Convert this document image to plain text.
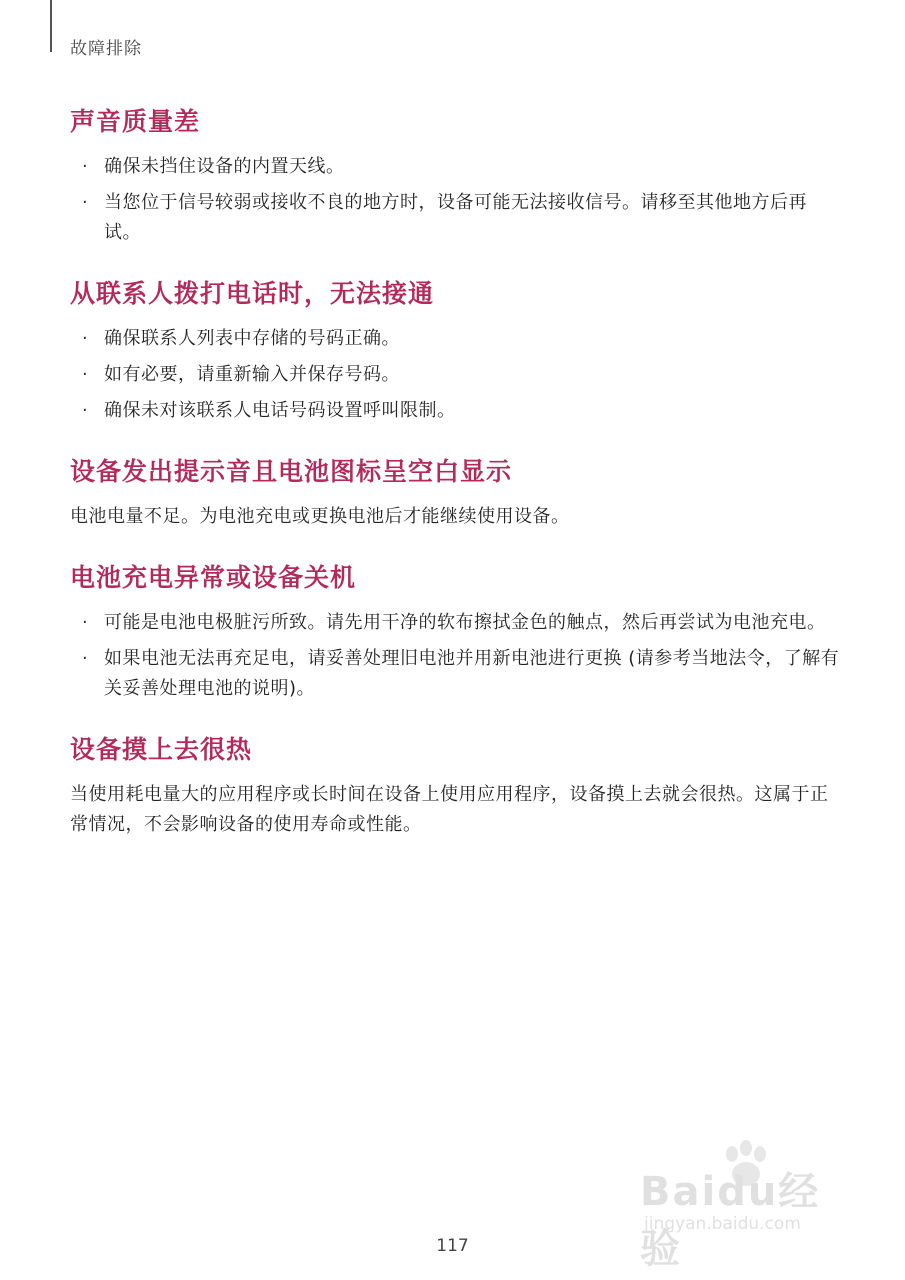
故障排除
声音质量差
· 确保未挡住设备的内置天线。
· 当您位于信号较弱或接收不良的地方时，设备可能无法接收信号。请移至其他地方后再试。
从联系人拨打电话时，无法接通
· 确保联系人列表中存储的号码正确。
· 如有必要，请重新输入并保存号码。
· 确保未对该联系人电话号码设置呼叫限制。
设备发出提示音且电池图标呈空白显示

电池电量不足。为电池充电或更换电池后才能继续使用设备。

电池充电异常或设备关机
· 可能是电池电极脏污所致。请先用干净的软布擦拭金色的触点，然后再尝试为电池充电。
· 如果电池无法再充足电，请妥善处理旧电池并用新电池进行更换 (请参考当地法令，了解有关妥善处理电池的说明)。
设备摸上去很热

当使用耗电量大的应用程序或长时间在设备上使用应用程序，设备摸上去就会很热。这属于正常情况，不会影响设备的使用寿命或性能。

Baidu经验
jingyan.baidu.com
117
